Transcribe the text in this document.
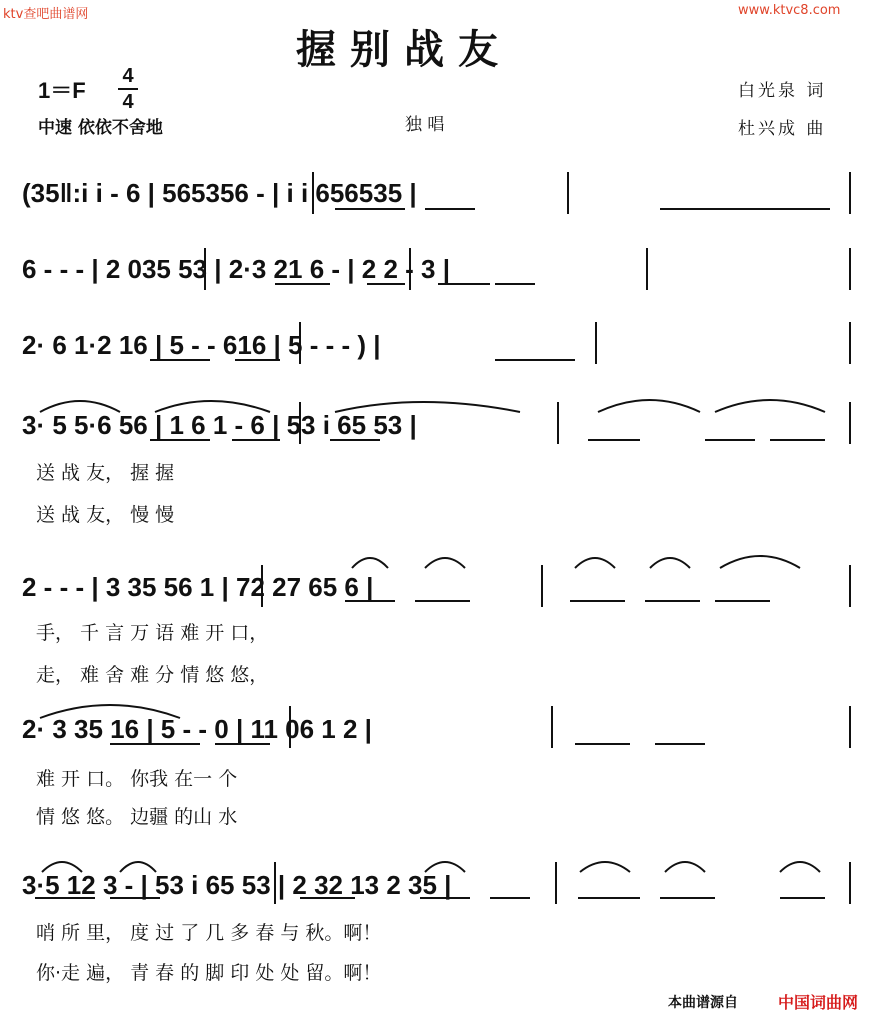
ktv查吧曲谱网	www.ktvc8.com
握别战友
1＝F
4
4
中速 依依不舍地	独 唱
白光泉 词
杜兴成 曲
(35‖:i i - 6 | 565356 - | i i 656535 |
6 - - - | 2 035 53 | 2·3 21 6 - | 2 2 - 3 |
2· 6 1·2 16 | 5 - - 616 | 5 - - - ) |
3· 5 5·6 56 | 1 6 1 - 6 | 53 i 65 53 |
送 战 友， 握 握
送 战 友， 慢 慢
2 - - - | 3 35 56 1 | 72 27 65 6 |
手， 千 言 万 语 难 开 口，
走， 难 舍 难 分 情 悠 悠，
2· 3 35 16 | 5 - - 0 | 11 06 1 2 |
难 开 口。 你我 在一 个
情 悠 悠。 边疆 的山 水
3·5 12 3 - | 53 i 65 53 | 2 32 13 2 35 |
哨 所 里， 度 过 了 几 多 春 与 秋。啊！
你·走 遍， 青 春 的 脚 印 处 处 留。啊！
本曲谱源自	中国词曲网
